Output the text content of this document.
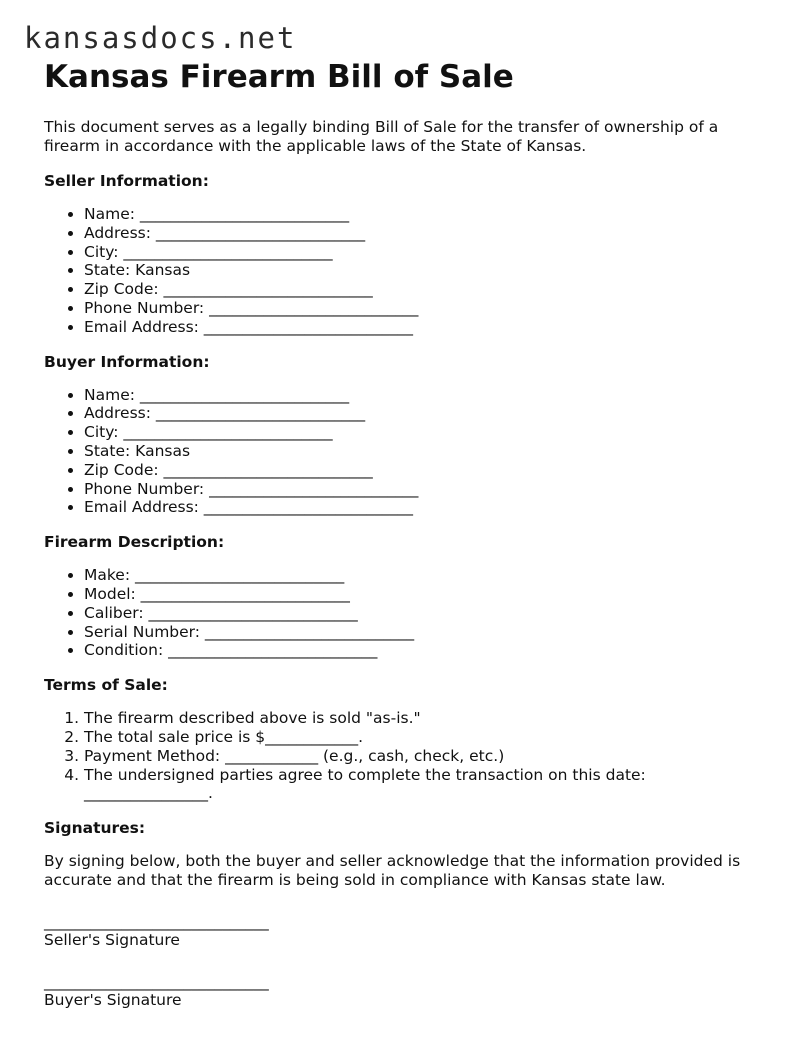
kansasdocs.net
Kansas Firearm Bill of Sale

This document serves as a legally binding Bill of Sale for the transfer of ownership of a firearm in accordance with the applicable laws of the State of Kansas.

Seller Information:
• Name: ___________________________
• Address: ___________________________
• City: ___________________________
• State: Kansas
• Zip Code: ___________________________
• Phone Number: ___________________________
• Email Address: ___________________________
Buyer Information:
• Name: ___________________________
• Address: ___________________________
• City: ___________________________
• State: Kansas
• Zip Code: ___________________________
• Phone Number: ___________________________
• Email Address: ___________________________
Firearm Description:
• Make: ___________________________
• Model: ___________________________
• Caliber: ___________________________
• Serial Number: ___________________________
• Condition: ___________________________
Terms of Sale:
1. The firearm described above is sold "as-is."
2. The total sale price is $____________.
3. Payment Method: ____________ (e.g., cash, check, etc.)
4. The undersigned parties agree to complete the transaction on this date: ________________.
Signatures:

By signing below, both the buyer and seller acknowledge that the information provided is accurate and that the firearm is being sold in compliance with Kansas state law.

_____________________________
Seller's Signature
_____________________________
Buyer's Signature
